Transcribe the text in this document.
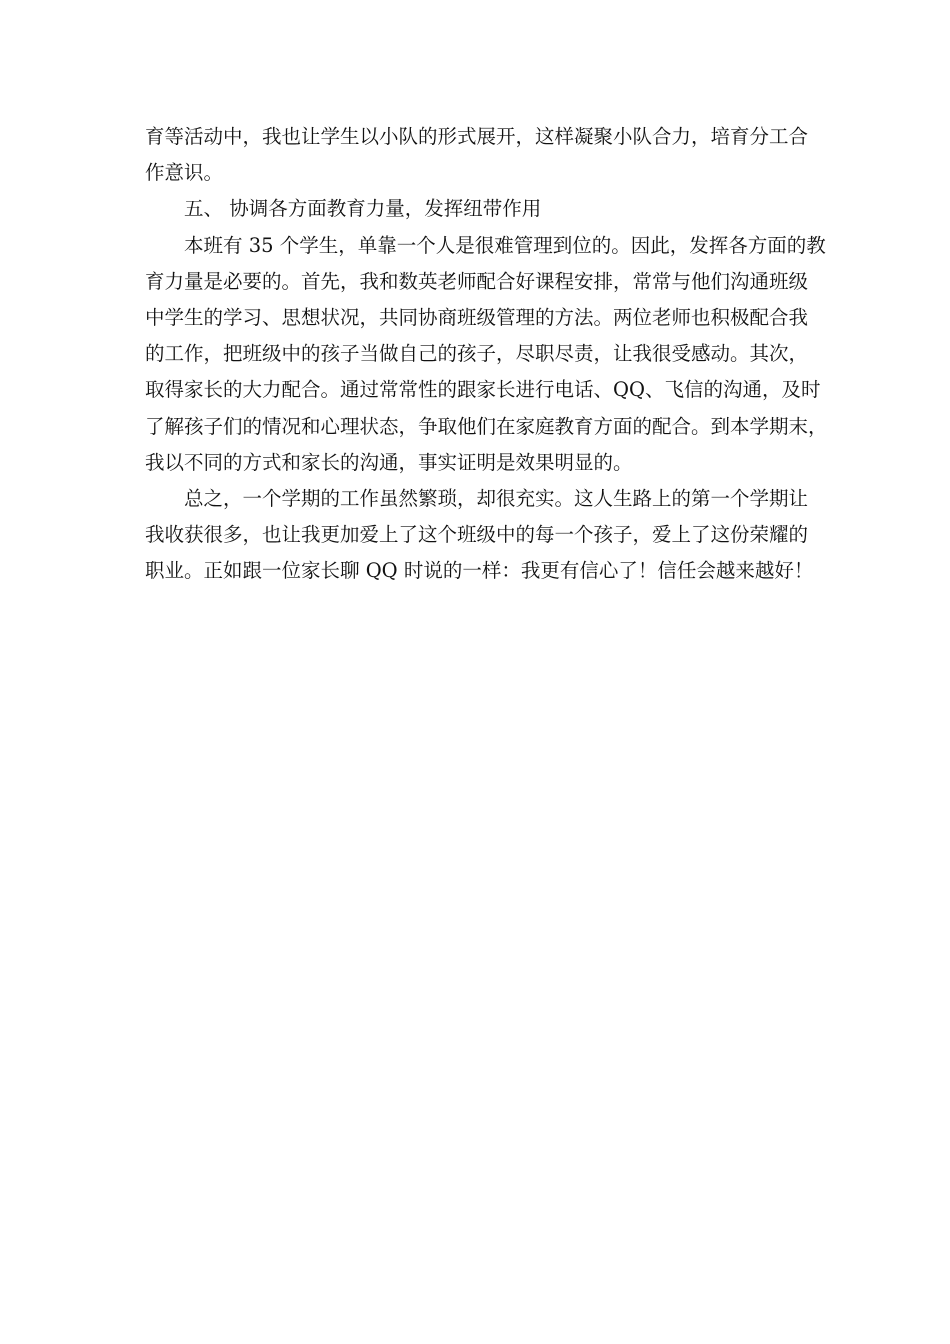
育等活动中，我也让学生以小队的形式展开，这样凝聚小队合力，培育分工合
作意识。
五、 协调各方面教育力量，发挥纽带作用
本班有 35 个学生，单靠一个人是很难管理到位的。因此，发挥各方面的教
育力量是必要的。首先，我和数英老师配合好课程安排，常常与他们沟通班级
中学生的学习、思想状况，共同协商班级管理的方法。两位老师也积极配合我
的工作，把班级中的孩子当做自己的孩子，尽职尽责，让我很受感动。其次，
取得家长的大力配合。通过常常性的跟家长进行电话、QQ、飞信的沟通，及时
了解孩子们的情况和心理状态，争取他们在家庭教育方面的配合。到本学期末，
我以不同的方式和家长的沟通，事实证明是效果明显的。
总之，一个学期的工作虽然繁琐，却很充实。这人生路上的第一个学期让
我收获很多，也让我更加爱上了这个班级中的每一个孩子，爱上了这份荣耀的
职业。正如跟一位家长聊 QQ 时说的一样：我更有信心了！信任会越来越好！
